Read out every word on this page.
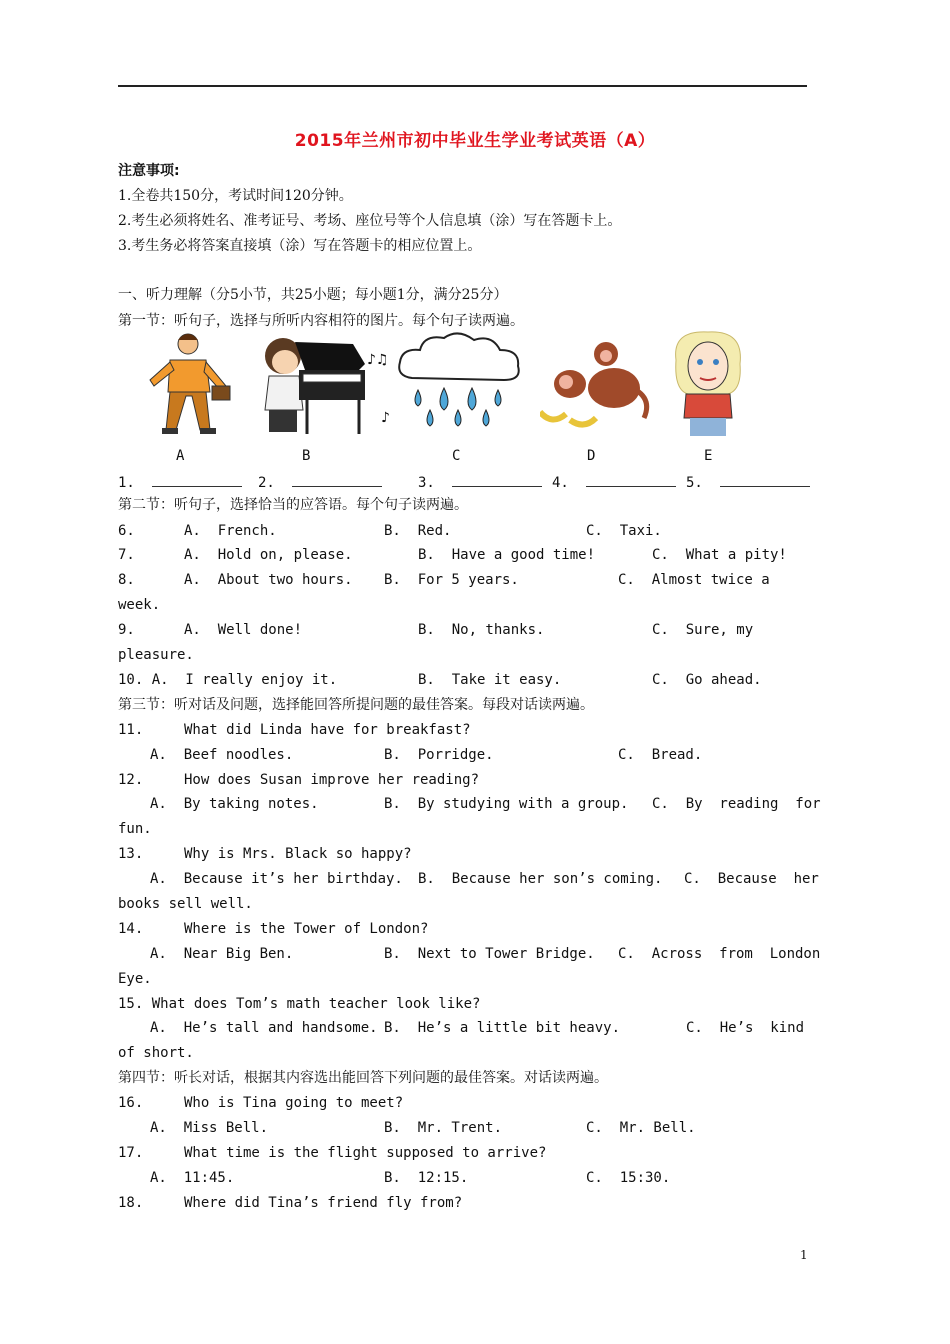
2015年兰州市初中毕业生学业考试英语（A）
注意事项:
1.全卷共150分，考试时间120分钟。
2.考生必须将姓名、准考证号、考场、座位号等个人信息填（涂）写在答题卡上。
3.考生务必将答案直接填（涂）写在答题卡的相应位置上。
一、听力理解（分5小节，共25小题；每小题1分，满分25分）
第一节：听句子，选择与所听内容相符的图片。每个句子读两遍。
♪♫
♪
A	B	C	D	E
1.	2.	3.	4.	5.
第二节：听句子，选择恰当的应答语。每个句子读两遍。
6.	A.  French.	B.  Red.	C.  Taxi.
7.	A.  Hold on, please.	B.  Have a good time!	C.  What a pity!
8.	A.  About two hours. B.  For 5 years.	C.  Almost twice a
week.
9.	A.  Well done!	B.  No, thanks.	C.  Sure, my
pleasure.
10. A.  I really enjoy it.	B.  Take it easy.	C.  Go ahead.
第三节：听对话及问题，选择能回答所提问题的最佳答案。每段对话读两遍。
11.	What did Linda have for breakfast?
A.  Beef noodles.	B.  Porridge.	C.  Bread.
12.	How does Susan improve her reading?
A.  By taking notes.	B.  By studying with a group. C.  By  reading  for
fun.
13.	Why is Mrs. Black so happy?
A.  Because it’s her birthday. B.  Because her son’s coming. C.  Because  her
books sell well.
14.	Where is the Tower of London?
A.  Near Big Ben.	B.  Next to Tower Bridge. C.  Across  from  London
Eye.
15. What does Tom’s math teacher look like?
A.  He’s tall and handsome. B.  He’s a little bit heavy.	C.  He’s  kind
of short.
第四节：听长对话，根据其内容选出能回答下列问题的最佳答案。对话读两遍。
16.	Who is Tina going to meet?
A.  Miss Bell.	B.  Mr. Trent.	C.  Mr. Bell.
17.	What time is the flight supposed to arrive?
A.  11:45.	B.  12:15.	C.  15:30.
18.	Where did Tina’s friend fly from?
1
